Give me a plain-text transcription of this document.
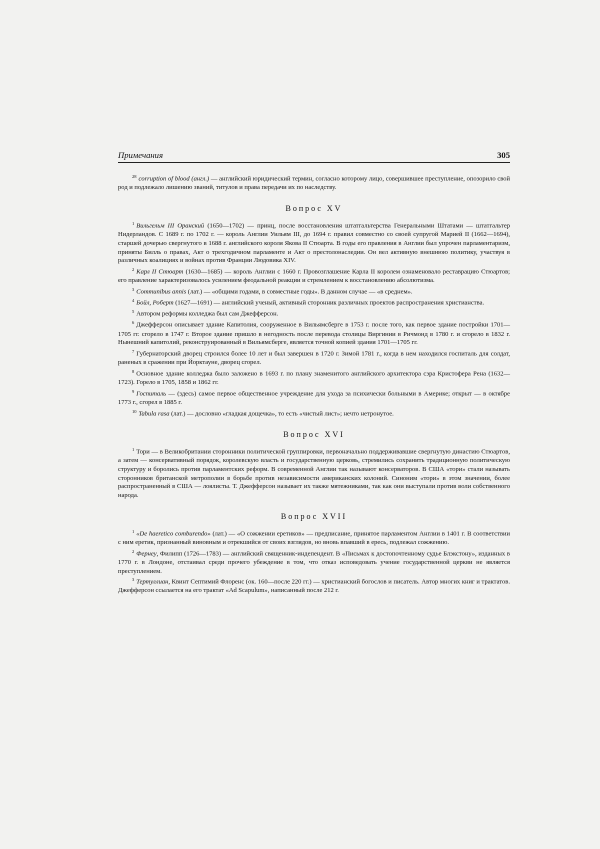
Примечания	305

$^{28}$ corruption of blood (англ.) — английский юридический термин, согласно которому лицо, совершившее преступление, опозорило свой род и подлежало лишению званий, титулов и права передачи их по наследству.

Вопрос XV

$^1$ Вильгельм III Оранский (1650—1702) — принц, после восстановления штатгальтерства Генеральными Штатами — штатгальтер Нидерландов. С 1689 г. по 1702 г. — король Англии Уильям III, до 1694 г. правил совместно со своей супругой Марией II (1662—1694), старшей дочерью свергнутого в 1688 г. английского короля Якова II Стюарта. В годы его правления в Англии был упрочен парламентаризм, приняты Билль о правах, Акт о трехгодичном парламенте и Акт о престолонаследии. Он вел активную внешнюю политику, участвуя в различных коалициях и войнах против Франции Людовика XIV.

$^2$ Карл II Стюарт (1630—1685) — король Англии с 1660 г. Провозглашение Карла II королем ознаменовало реставрацию Стюартов; его правление характеризовалось усилением феодальной реакции и стремлением к восстановлению абсолютизма.

$^3$ Communibus annis (лат.) — «общими годами, в совместные годы». В данном случае — «в среднем».

$^4$ Бойл, Роберт (1627—1691) — английский ученый, активный сторонник различных проектов распространения христианства.

$^5$ Автором реформы колледжа был сам Джефферсон.

$^6$ Джефферсон описывает здание Капитолия, сооруженное в Вильямсберге в 1753 г. после того, как первое здание постройки 1701—1705 гг. сгорело в 1747 г. Второе здание пришло в негодность после перевода столицы Виргинии в Ричмонд в 1780 г. и сгорело в 1832 г. Нынешний капитолий, реконструированный в Вильямсберге, является точной копией здания 1701—1705 гг.

$^7$ Губернаторский дворец строился более 10 лет и был завершен в 1720 г. Зимой 1781 г., когда в нем находился госпиталь для солдат, раненых в сражении при Йорктауне, дворец сгорел.

$^8$ Основное здание колледжа было заложено в 1693 г. по плану знаменитого английского архитектора сэра Кристофера Рена (1632—1723). Горело в 1705, 1858 и 1862 гг.

$^9$ Госпиталь — (здесь) самое первое общественное учреждение для ухода за психически больными в Америке; открыт — в октябре 1773 г., сгорел в 1885 г.

$^{10}$ Tabula rasa (лат.) — дословно «гладкая дощечка», то есть «чистый лист»; нечто нетронутое.

Вопрос XVI

$^1$ Тори — в Великобритании сторонники политической группировки, первоначально поддерживавшие свергнутую династию Стюартов, а затем — консервативный порядок, королевскую власть и государственную церковь, стремились сохранить традиционную политическую структуру и боролись против парламентских реформ. В современной Англии так называют консерваторов. В США «тори» стали называть сторонников британской метрополии в борьбе против независимости американских колоний. Синоним «тори» в этом значении, более распространенный в США — лоялисты. Т. Джефферсон называет их также мятежниками, так как они выступали против воли собственного народа.

Вопрос XVII

$^1$ «De haeretico comburendo» (лат.) — «О сожжении еретиков» — предписание, принятое парламентом Англии в 1401 г. В соответствии с ним еретик, признанный виновным и отрекшийся от своих взглядов, но вновь впавший в ересь, подлежал сожжению.

$^2$ Фернеу, Филипп (1726—1783) — английский священник-индепендент. В «Письмах к достопочтенному судье Блэкстону», изданных в 1770 г. в Лондоне, отстаивал среди прочего убеждение в том, что отказ исповедовать учение государственной церкви не является преступлением.

$^3$ Тертуллиан, Квинт Септимий Флоренс (ок. 160—после 220 гг.) — христианский богослов и писатель. Автор многих книг и трактатов. Джефферсон ссылается на его трактат «Ad Scapulum», написанный после 212 г.
